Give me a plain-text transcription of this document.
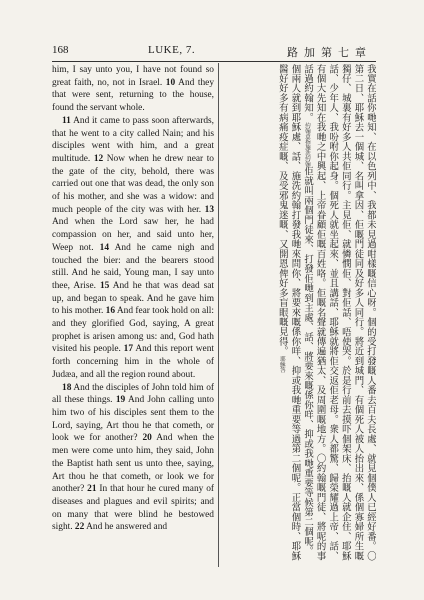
168	LUKE, 7.	路加第七章

him, I say unto you, I have not found so great faith, no, not in Israel. 10 And they that were sent, returning to the house, found the servant whole.

11 And it came to pass soon afterwards, that he went to a city called Nain; and his disciples went with him, and a great multitude. 12 Now when he drew near to the gate of the city, behold, there was carried out one that was dead, the only son of his mother, and she was a widow: and much people of the city was with her. 13 And when the Lord saw her, he had compassion on her, and said unto her, Weep not. 14 And he came nigh and touched the bier: and the bearers stood still. And he said, Young man, I say unto thee, Arise. 15 And he that was dead sat up, and began to speak. And he gave him to his mother. 16 And fear took hold on all: and they glorified God, saying, A great prophet is arisen among us: and, God hath visited his people. 17 And this report went forth concerning him in the whole of Judæa, and all the region round about.

18 And the disciples of John told him of all these things. 19 And John calling unto him two of his disciples sent them to the Lord, saying, Art thou he that cometh, or look we for another? 20 And when the men were come unto him, they said, John the Baptist hath sent us unto thee, saying, Art thou he that cometh, or look we for another? 21 In that hour he cured many of diseases and plagues and evil spirits; and on many that were blind he bestowed sight. 22 And he answered and

我實在話你哋知、在以色列中、我都未見過咁樣嘅信心呀。個的受打發嘅人番去百夫長處、就見個僕人已經好番。〇第二日、耶穌去一個城、名叫拿因、佢嘅門徒同及好多人同行。將近到城門、有個死人被人抬出來、係個寡婦所生嘅獨仔、城裏有好多人共佢同行。主見佢、就憐憫佢、對佢話、唔使哭。於是行前去摸吓個架床、抬嘅人就企住、耶穌話、少年人、我吩咐你起身。個死人就坐起來、並且講話、耶穌就將佢交返佢老母。衆人都驚、歸榮耀過上帝、話、有個大先知在我哋之中興起、上帝眷顧佢嘅百姓咯。佢嘅名聲就傳遍猶太、及周圍嘅地方。〇約翰嘅門徒、將呢的事話過約翰知。約翰意指施洗約翰佢就叫兩個門徒來、打發佢哋到主處、話、將要來嘅係你咩、抑或我哋重要等候第二個呢。個兩人就到耶穌處、話、施洗約翰打發我哋來問你、將要來嘅係你咩、抑或我哋重要等過第二個呢。正當個時、耶穌醫好好多有病痛疫症嘅、及受邪鬼迷嘅、又開恩俾好多盲眼嘅見得。耶穌答
